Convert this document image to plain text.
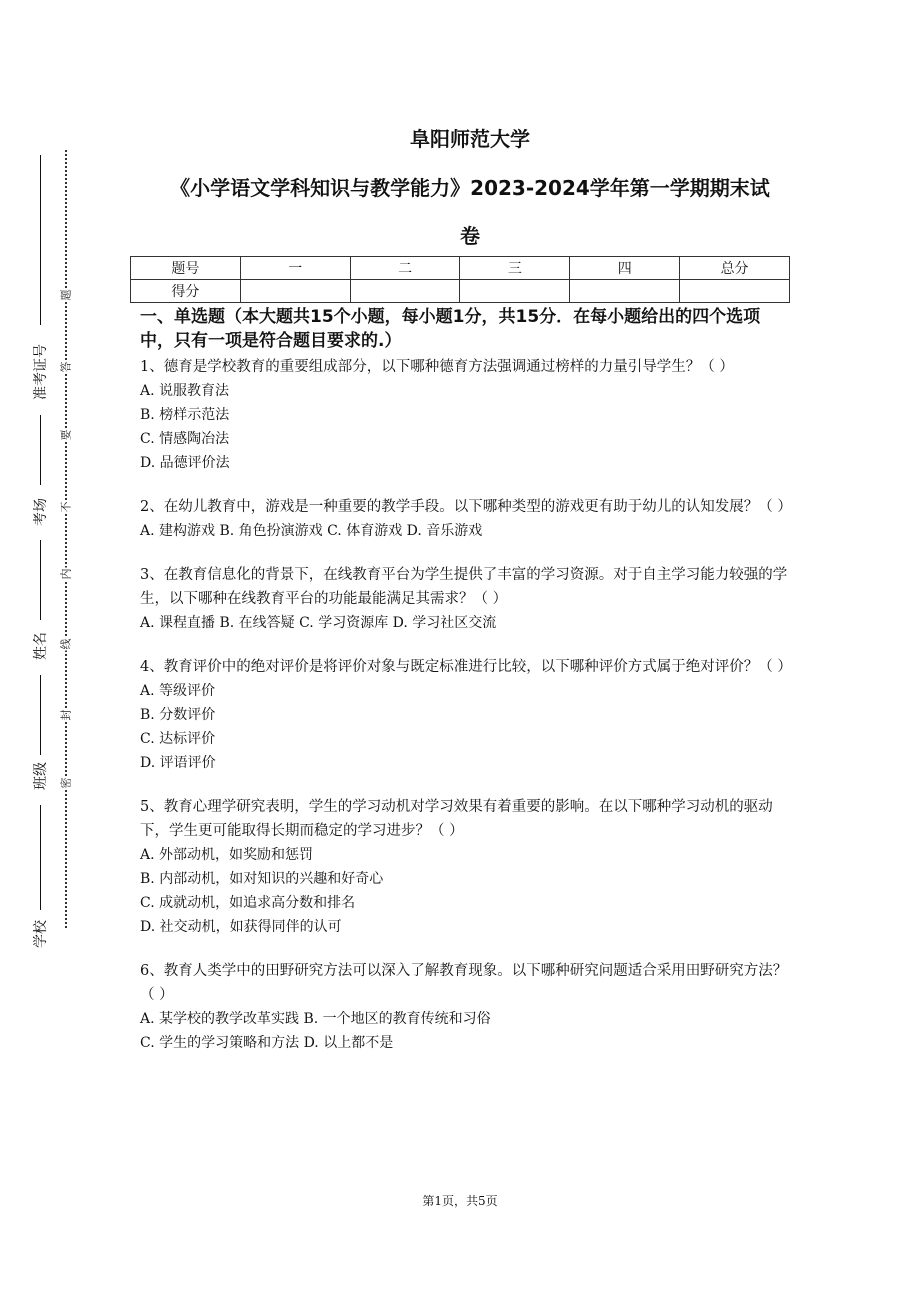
准考证号
考场
姓名
班级
学校
题
答
要
不
内
线
封
密
阜阳师范大学
《小学语文学科知识与教学能力》2023-2024学年第一学期期末试
卷
题号	一	二	三	四	总分
得分					

一、单选题（本大题共15个小题，每小题1分，共15分．在每小题给出的四个选项中，只有一项是符合题目要求的.）

1、德育是学校教育的重要组成部分，以下哪种德育方法强调通过榜样的力量引导学生？（ ）

A. 说服教育法

B. 榜样示范法

C. 情感陶冶法

D. 品德评价法

2、在幼儿教育中，游戏是一种重要的教学手段。以下哪种类型的游戏更有助于幼儿的认知发展？（ ）

A. 建构游戏 B. 角色扮演游戏 C. 体育游戏 D. 音乐游戏

3、在教育信息化的背景下，在线教育平台为学生提供了丰富的学习资源。对于自主学习能力较强的学生，以下哪种在线教育平台的功能最能满足其需求？（ ）

A. 课程直播 B. 在线答疑 C. 学习资源库 D. 学习社区交流

4、教育评价中的绝对评价是将评价对象与既定标准进行比较，以下哪种评价方式属于绝对评价？（ ）

A. 等级评价

B. 分数评价

C. 达标评价

D. 评语评价

5、教育心理学研究表明，学生的学习动机对学习效果有着重要的影响。在以下哪种学习动机的驱动下，学生更可能取得长期而稳定的学习进步？（ ）

A. 外部动机，如奖励和惩罚

B. 内部动机，如对知识的兴趣和好奇心

C. 成就动机，如追求高分数和排名

D. 社交动机，如获得同伴的认可

6、教育人类学中的田野研究方法可以深入了解教育现象。以下哪种研究问题适合采用田野研究方法？（ ）

A. 某学校的教学改革实践 B. 一个地区的教育传统和习俗

C. 学生的学习策略和方法 D. 以上都不是

第1页，共5页
